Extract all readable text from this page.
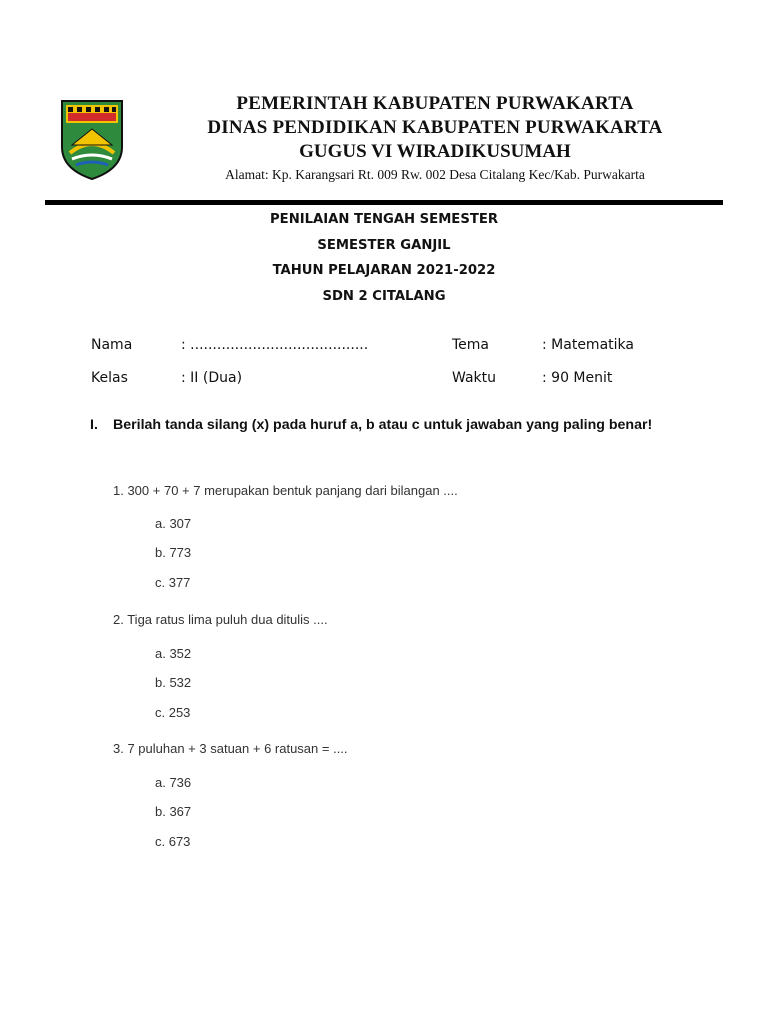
PEMERINTAH KABUPATEN PURWAKARTA
DINAS PENDIDIKAN KABUPATEN PURWAKARTA
GUGUS VI WIRADIKUSUMAH
Alamat: Kp. Karangsari Rt. 009 Rw. 002 Desa Citalang Kec/Kab. Purwakarta
PENILAIAN TENGAH SEMESTER
SEMESTER GANJIL
TAHUN PELAJARAN 2021-2022
SDN 2 CITALANG
Nama	: ........................................	Tema	: Matematika
Kelas	: II (Dua)	Waktu	: 90 Menit
I. Berilah tanda silang (x) pada huruf a, b atau c untuk jawaban yang paling benar!
1. 300 + 70 + 7 merupakan bentuk panjang dari bilangan ....
a. 307
b. 773
c. 377
2. Tiga ratus lima puluh dua ditulis ....
a. 352
b. 532
c. 253
3. 7 puluhan + 3 satuan + 6 ratusan = ....
a. 736
b. 367
c. 673
